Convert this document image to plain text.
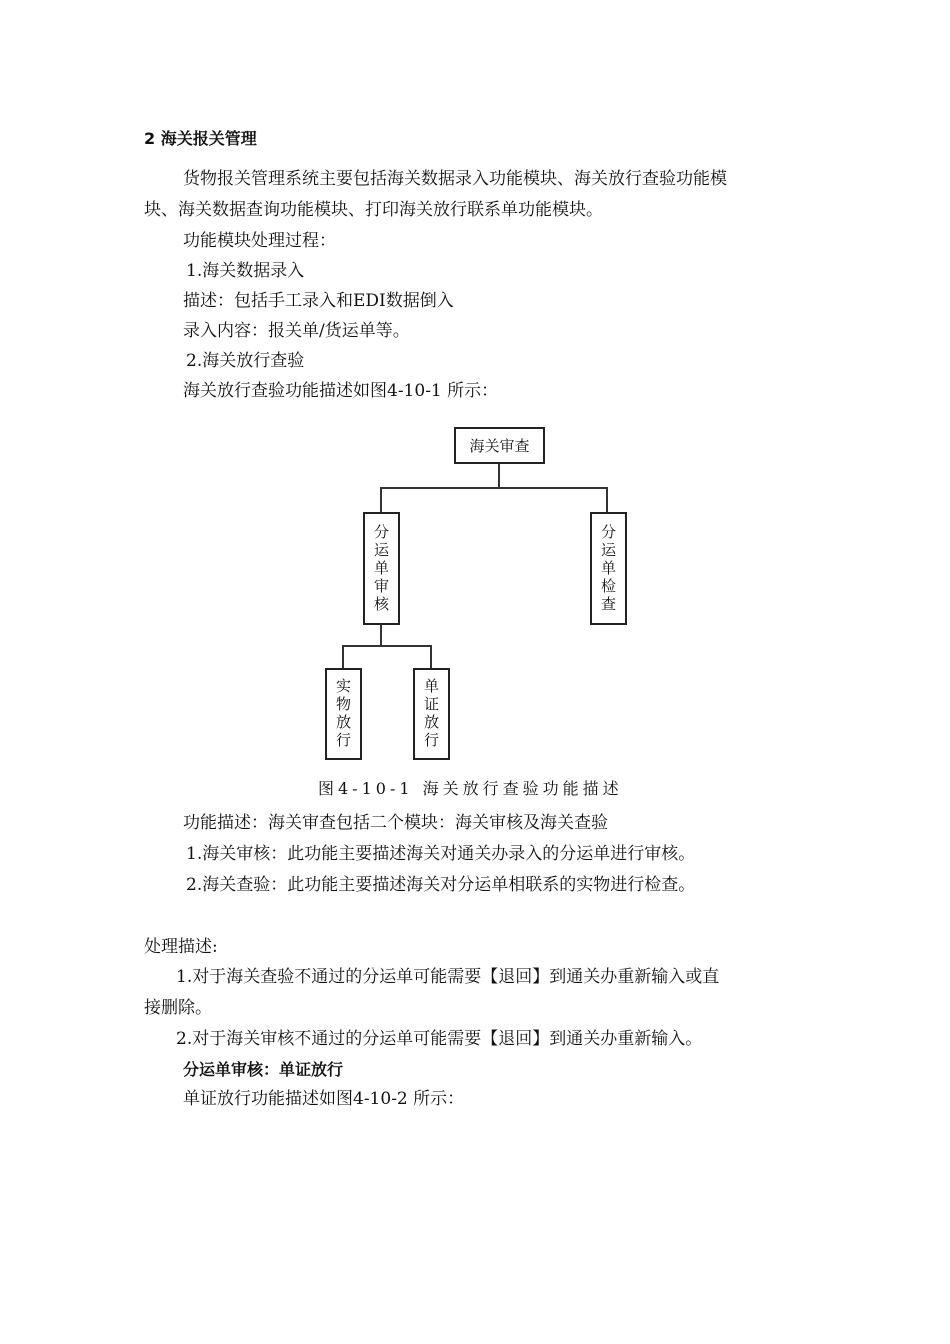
2 海关报关管理
货物报关管理系统主要包括海关数据录入功能模块、海关放行查验功能模
块、海关数据查询功能模块、打印海关放行联系单功能模块。
功能模块处理过程：
1.海关数据录入
描述：包括手工录入和EDI数据倒入
录入内容：报关单/货运单等。
2.海关放行查验
海关放行查验功能描述如图4-10-1 所示：
海关审查
分运单审核	分运单检查
实物放行	单证放行
图4-10-1 海关放行查验功能描述
功能描述：海关审查包括二个模块：海关审核及海关查验
1.海关审核：此功能主要描述海关对通关办录入的分运单进行审核。
2.海关查验：此功能主要描述海关对分运单相联系的实物进行检查。
处理描述:
1.对于海关查验不通过的分运单可能需要【退回】到通关办重新输入或直
接删除。
2.对于海关审核不通过的分运单可能需要【退回】到通关办重新输入。
分运单审核：单证放行
单证放行功能描述如图4-10-2 所示：
